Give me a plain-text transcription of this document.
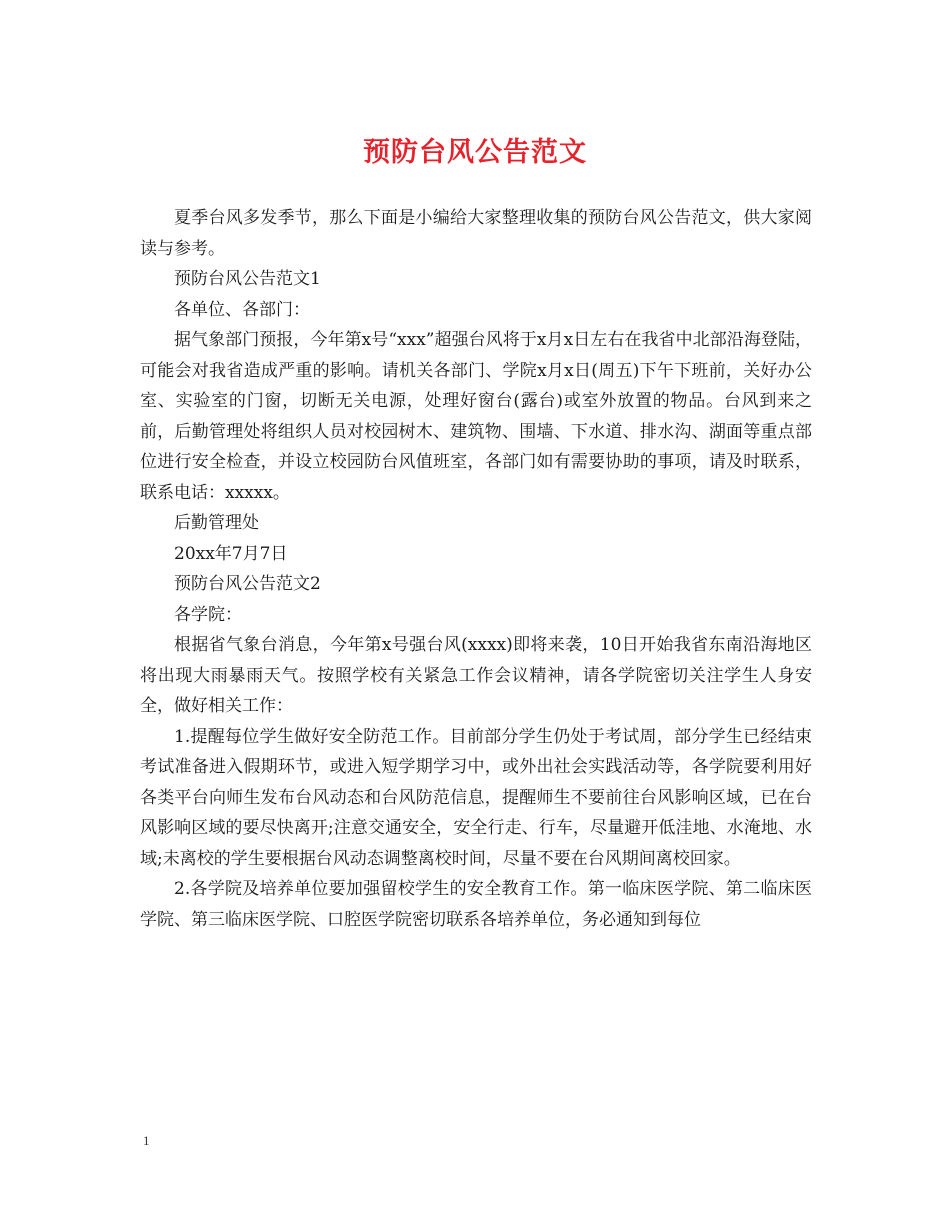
预防台风公告范文

夏季台风多发季节，那么下面是小编给大家整理收集的预防台风公告范文，供大家阅读与参考。

预防台风公告范文1

各单位、各部门：

据气象部门预报，今年第x号“xxx”超强台风将于x月x日左右在我省中北部沿海登陆，可能会对我省造成严重的影响。请机关各部门、学院x月x日(周五)下午下班前，关好办公室、实验室的门窗，切断无关电源，处理好窗台(露台)或室外放置的物品。台风到来之前，后勤管理处将组织人员对校园树木、建筑物、围墙、下水道、排水沟、湖面等重点部位进行安全检查，并设立校园防台风值班室，各部门如有需要协助的事项，请及时联系，联系电话：xxxxx。

后勤管理处

20xx年7月7日

预防台风公告范文2

各学院：

根据省气象台消息，今年第x号强台风(xxxx)即将来袭，10日开始我省东南沿海地区将出现大雨暴雨天气。按照学校有关紧急工作会议精神，请各学院密切关注学生人身安全，做好相关工作：

1.提醒每位学生做好安全防范工作。目前部分学生仍处于考试周，部分学生已经结束考试准备进入假期环节，或进入短学期学习中，或外出社会实践活动等，各学院要利用好各类平台向师生发布台风动态和台风防范信息，提醒师生不要前往台风影响区域，已在台风影响区域的要尽快离开;注意交通安全，安全行走、行车，尽量避开低洼地、水淹地、水域;未离校的学生要根据台风动态调整离校时间，尽量不要在台风期间离校回家。

2.各学院及培养单位要加强留校学生的安全教育工作。第一临床医学院、第二临床医学院、第三临床医学院、口腔医学院密切联系各培养单位，务必通知到每位

1
